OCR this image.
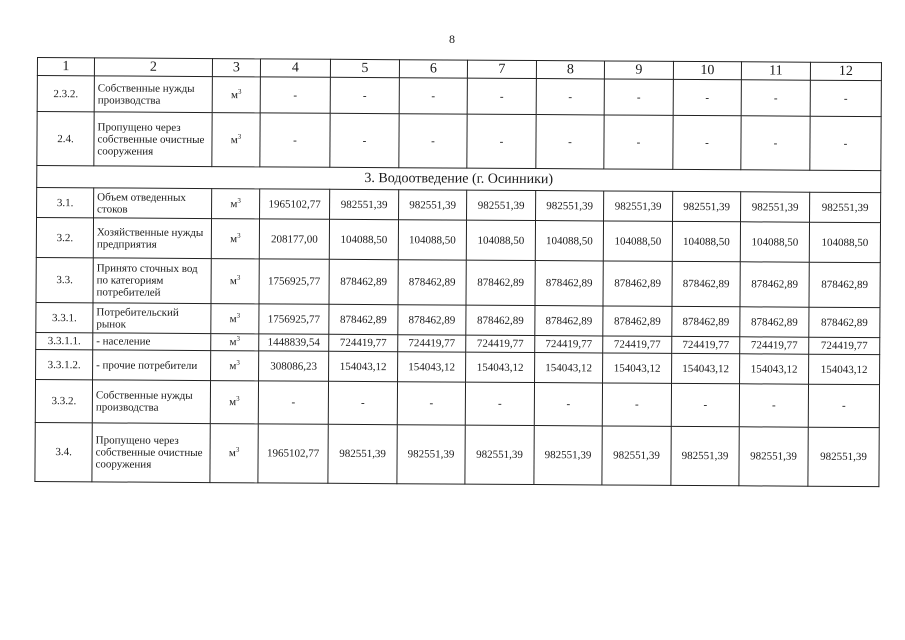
8
1	2	3	4	5	6	7	8	9	10	11	12
2.3.2.	Собственные нужды производства	$м^3$	-	-	-	-	-	-	-	-	-
2.4.	Пропущено через собственные очистные сооружения	$м^3$	-	-	-	-	-	-	-	-	-
3. Водоотведение (г. Осинники)											
3.1.	Объем отведенных стоков	$м^3$	1965102,77	982551,39	982551,39	982551,39	982551,39	982551,39	982551,39	982551,39	982551,39
3.2.	Хозяйственные нужды предприятия	$м^3$	208177,00	104088,50	104088,50	104088,50	104088,50	104088,50	104088,50	104088,50	104088,50
3.3.	Принято сточных вод по категориям потребителей	$м^3$	1756925,77	878462,89	878462,89	878462,89	878462,89	878462,89	878462,89	878462,89	878462,89
3.3.1.	Потребительский рынок	$м^3$	1756925,77	878462,89	878462,89	878462,89	878462,89	878462,89	878462,89	878462,89	878462,89
3.3.1.1.	- население	$м^3$	1448839,54	724419,77	724419,77	724419,77	724419,77	724419,77	724419,77	724419,77	724419,77
3.3.1.2.	- прочие потребители	$м^3$	308086,23	154043,12	154043,12	154043,12	154043,12	154043,12	154043,12	154043,12	154043,12
3.3.2.	Собственные нужды производства	$м^3$	-	-	-	-	-	-	-	-	-
3.4.	Пропущено через собственные очистные сооружения	$м^3$	1965102,77	982551,39	982551,39	982551,39	982551,39	982551,39	982551,39	982551,39	982551,39
